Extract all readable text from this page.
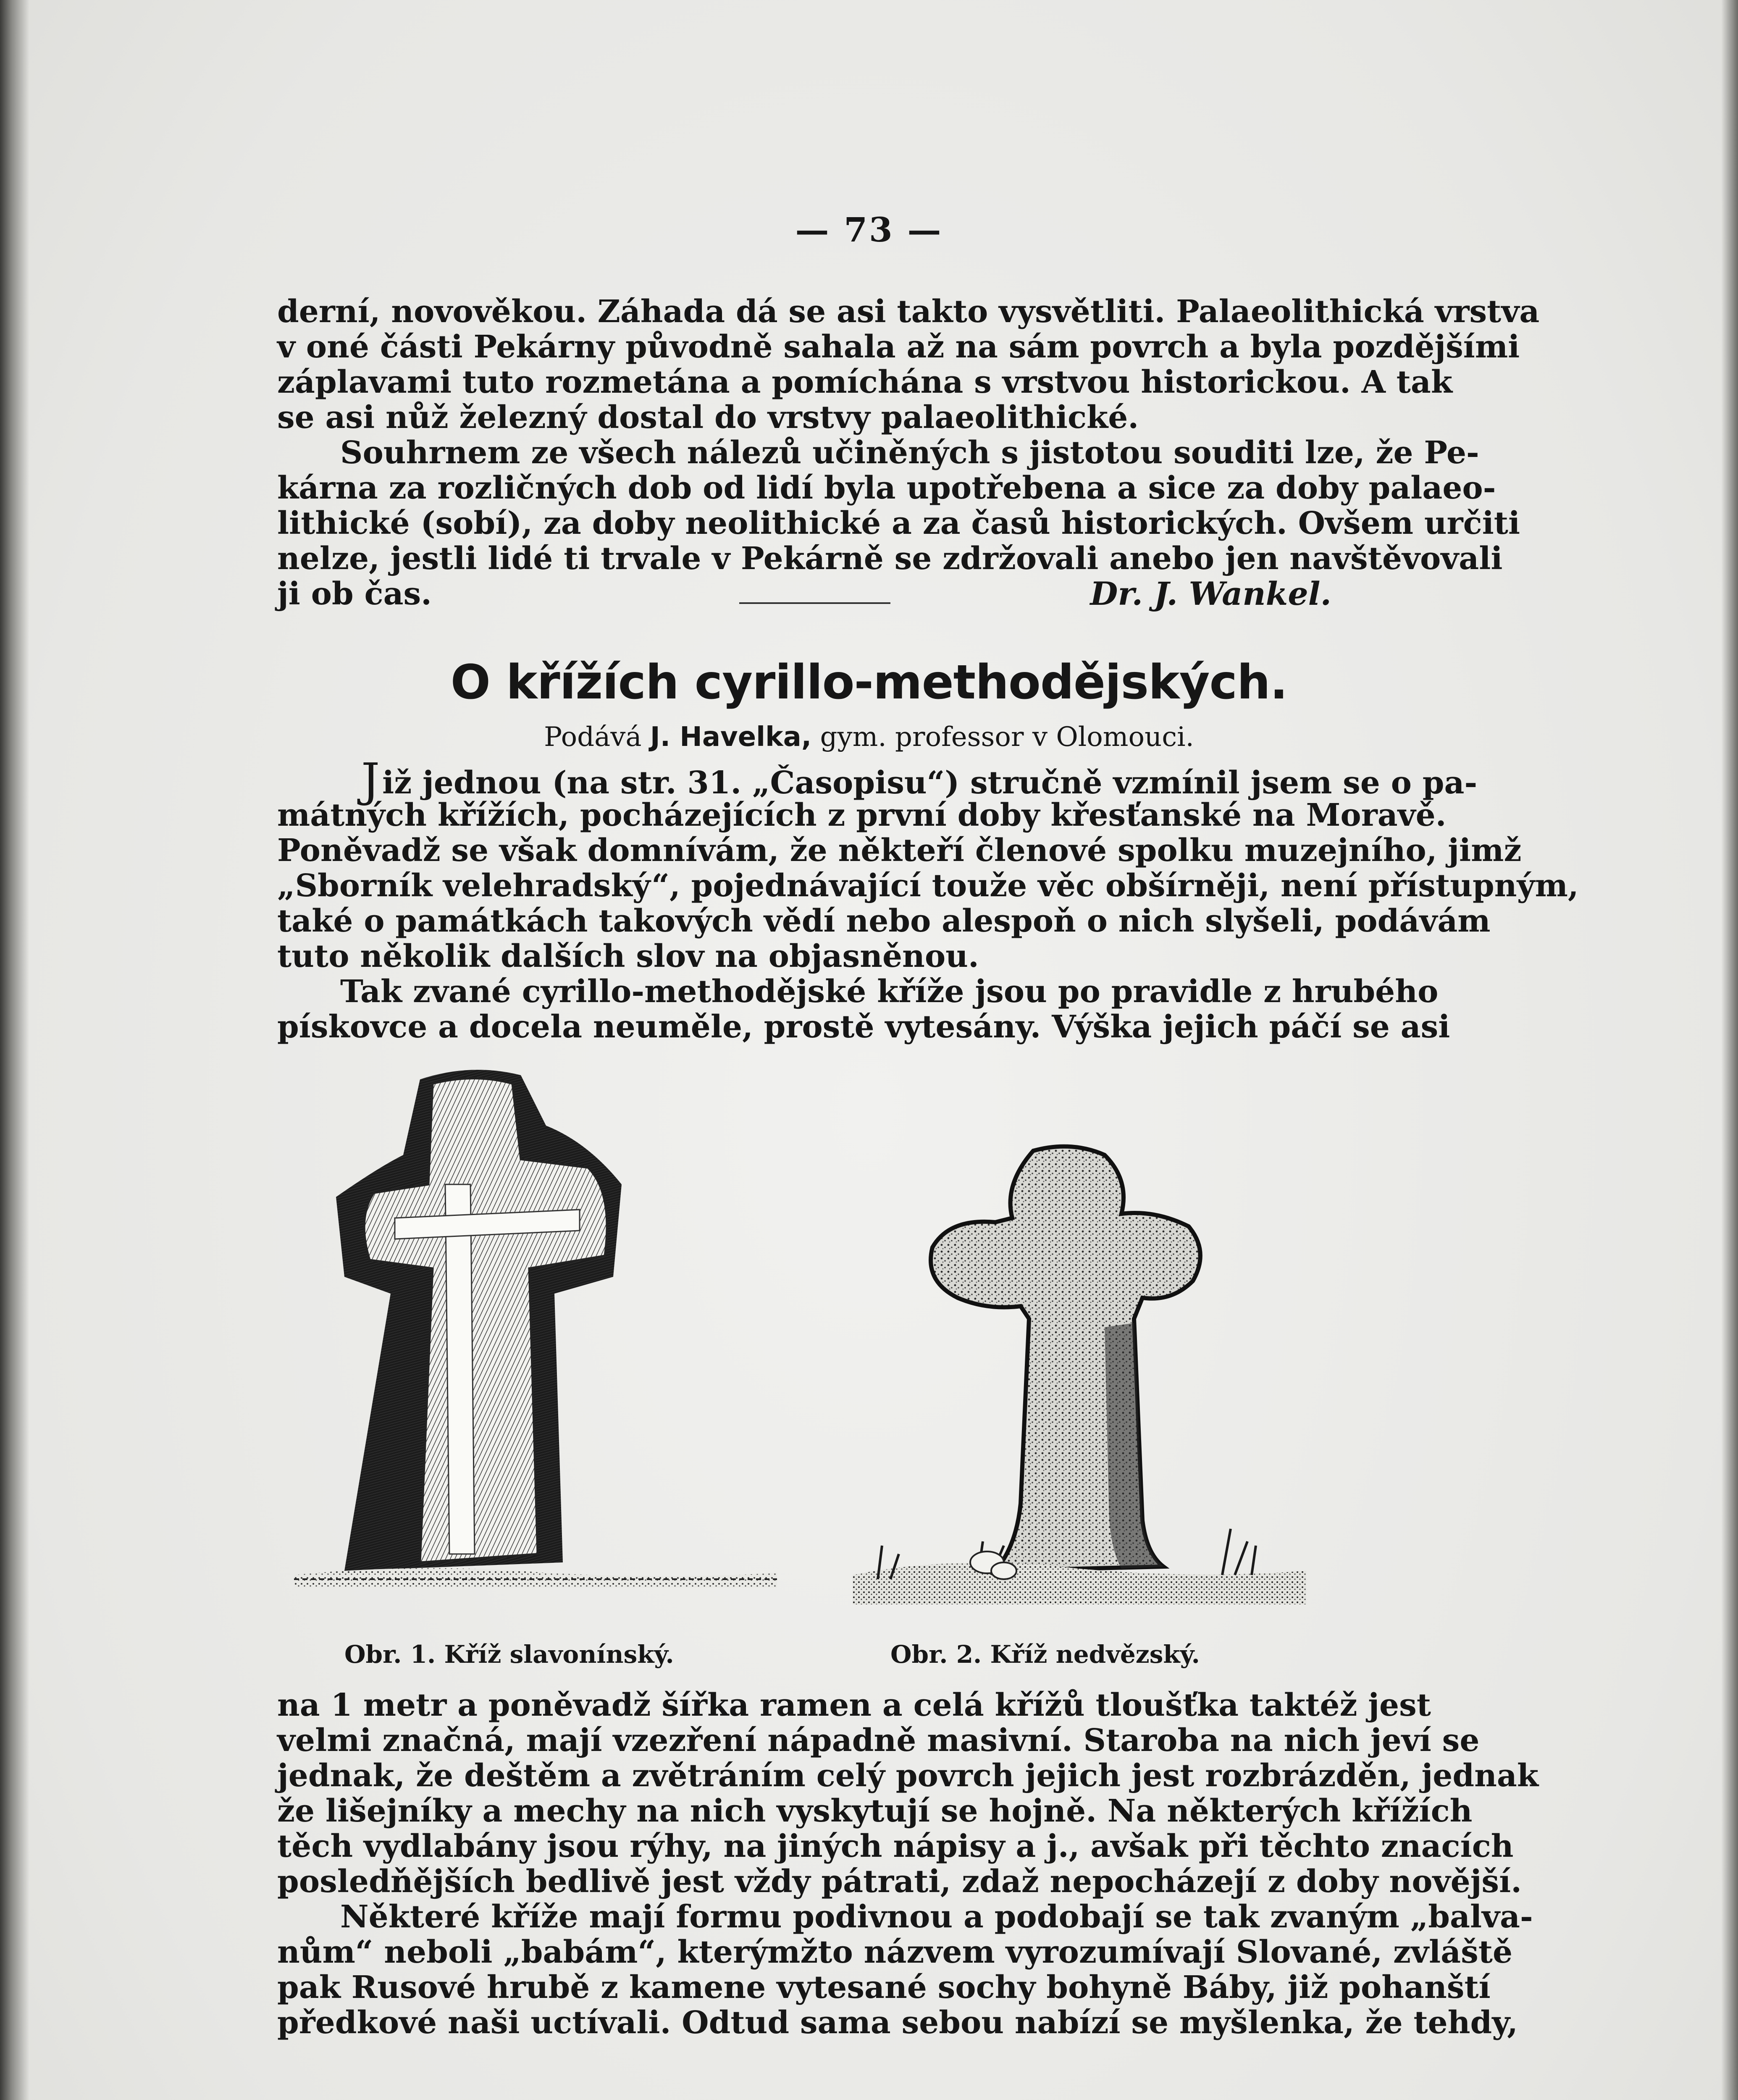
— 73 —
derní, novověkou. Záhada dá se asi takto vysvětliti. Palaeolithická vrstva
v oné části Pekárny původně sahala až na sám povrch a byla pozdějšími
záplavami tuto rozmetána a pomíchána s vrstvou historickou. A tak
se asi nůž železný dostal do vrstvy palaeolithické.
Souhrnem ze všech nálezů učiněných s jistotou souditi lze, že Pe-
kárna za rozličných dob od lidí byla upotřebena a sice za doby palaeo-
lithické (sobí), za doby neolithické a za časů historických. Ovšem určiti
nelze, jestli lidé ti trvale v Pekárně se zdržovali anebo jen navštěvovali
ji ob čas.	Dr. J. Wankel.
O křížích cyrillo-methodějských.
Podává J. Havelka, gym. professor v Olomouci.
Již jednou (na str. 31. „Časopisu“) stručně vzmínil jsem se o pa-
mátných křížích, pocházejících z první doby křesťanské na Moravě.
Poněvadž se však domnívám, že někteří členové spolku muzejního, jimž
„Sborník velehradský“, pojednávající touže věc obšírněji, není přístupným,
také o památkách takových vědí nebo alespoň o nich slyšeli, podávám
tuto několik dalších slov na objasněnou.
Tak zvané cyrillo-methodějské kříže jsou po pravidle z hrubého
pískovce a docela neuměle, prostě vytesány. Výška jejich páčí se asi
Obr. 1. Kříž slavonínský.	Obr. 2. Kříž nedvězský.
na 1 metr a poněvadž šířka ramen a celá křížů tloušťka taktéž jest
velmi značná, mají vzezření nápadně masivní. Staroba na nich jeví se
jednak, že deštěm a zvětráním celý povrch jejich jest rozbrázděn, jednak
že lišejníky a mechy na nich vyskytují se hojně. Na některých křížích
těch vydlabány jsou rýhy, na jiných nápisy a j., avšak při těchto znacích
posledňějších bedlivě jest vždy pátrati, zdaž nepocházejí z doby novější.
Některé kříže mají formu podivnou a podobají se tak zvaným „balva-
nům“ neboli „babám“, kterýmžto názvem vyrozumívají Slované, zvláště
pak Rusové hrubě z kamene vytesané sochy bohyně Báby, již pohanští
předkové naši uctívali. Odtud sama sebou nabízí se myšlenka, že tehdy,
